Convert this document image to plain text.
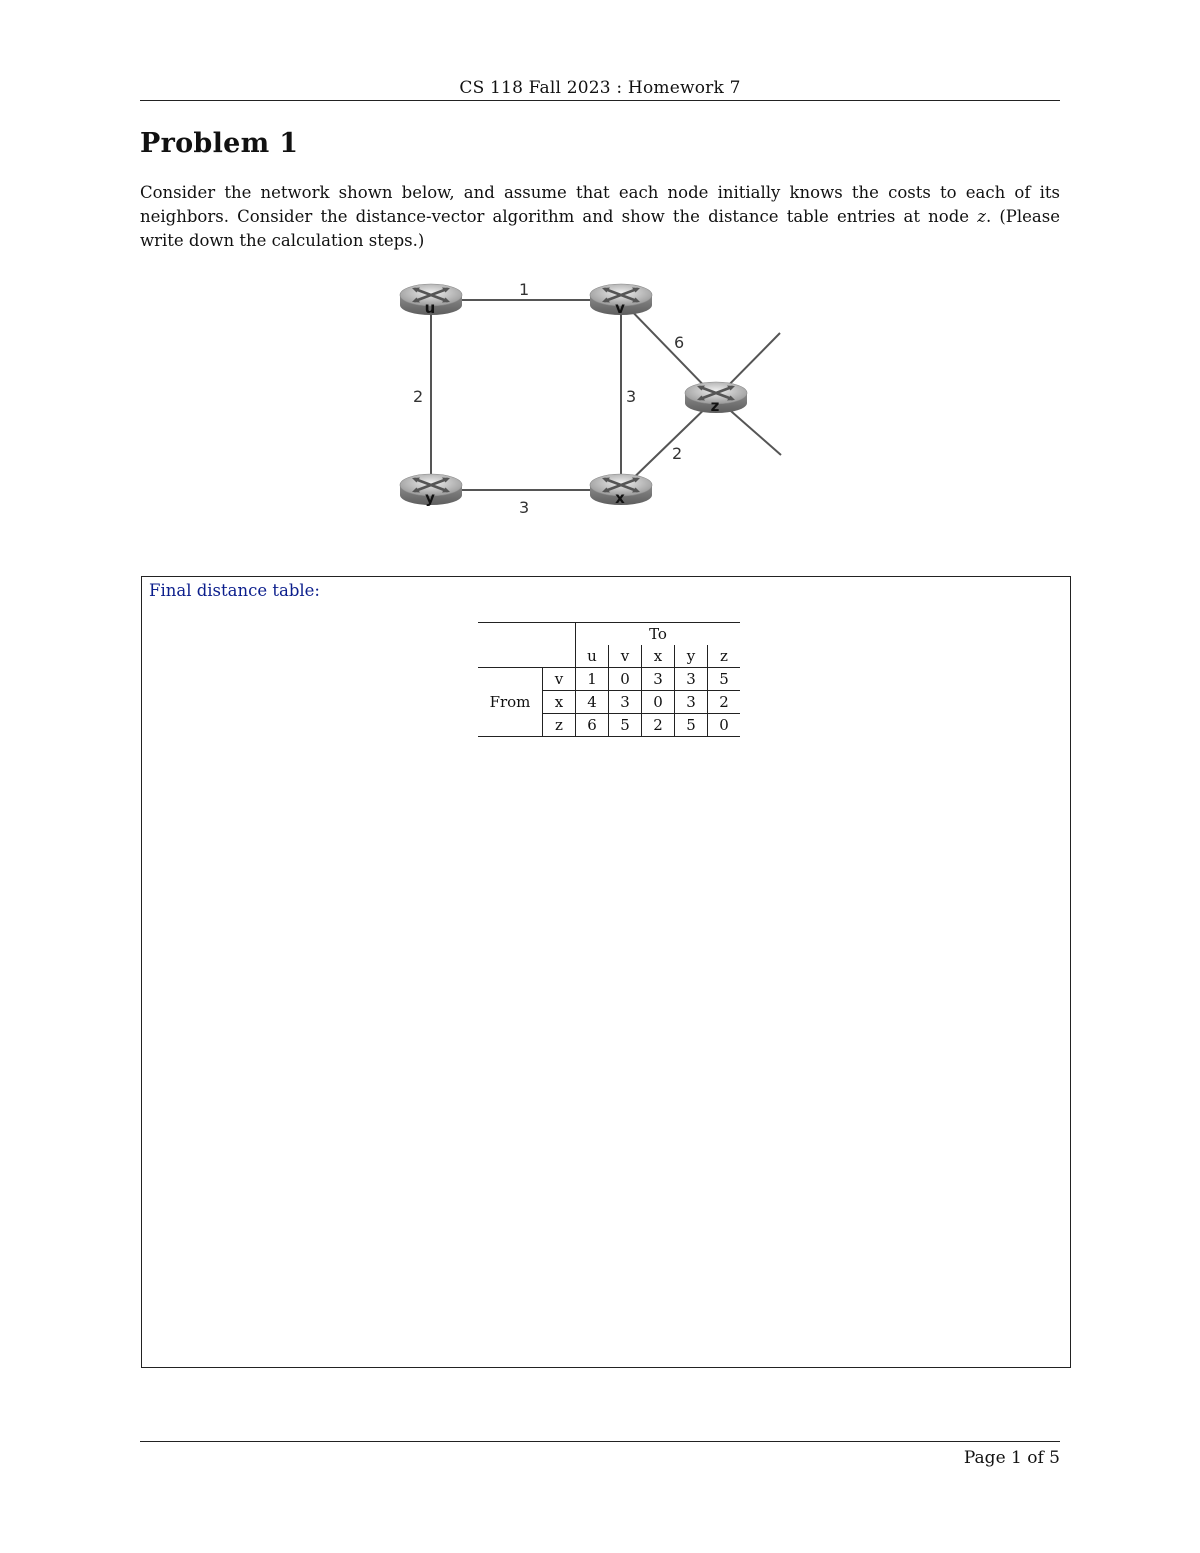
CS 118 Fall 2023 : Homework 7
Problem 1
Consider the network shown below, and assume that each node initially knows the costs to each of its neighbors. Consider the distance-vector algorithm and show the distance table entries at node z. (Please write down the calculation steps.)
1
2	3
6
3
2
u	v
x
y
z
Final distance table:
		To				
		u	v	x	y	z
From	v	1	0	3	3	5
	x	4	3	0	3	2
	z	6	5	2	5	0
Page 1 of 5
